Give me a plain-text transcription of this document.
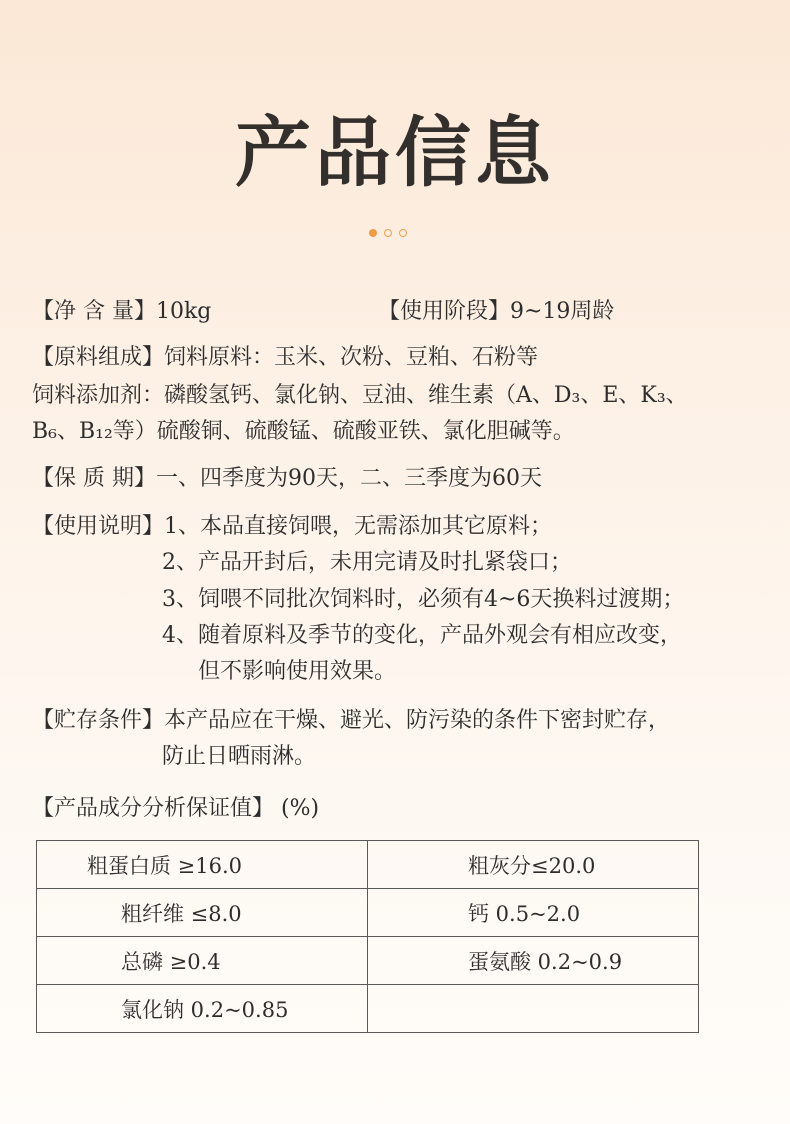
产品信息
【净 含 量】10kg	【使用阶段】9~19周龄
【原料组成】饲料原料：玉米、次粉、豆粕、石粉等
饲料添加剂：磷酸氢钙、氯化钠、豆油、维生素（A、D₃、E、K₃、
B₆、B₁₂等）硫酸铜、硫酸锰、硫酸亚铁、氯化胆碱等。
【保 质 期】一、四季度为90天，二、三季度为60天
【使用说明】1、本品直接饲喂，无需添加其它原料；
2、产品开封后，未用完请及时扎紧袋口；
3、饲喂不同批次饲料时，必须有4~6天换料过渡期；
4、随着原料及季节的变化，产品外观会有相应改变，
但不影响使用效果。
【贮存条件】本产品应在干燥、避光、防污染的条件下密封贮存，
防止日晒雨淋。
【产品成分分析保证值】 (%)
粗蛋白质 ≥16.0	粗灰分≤20.0

粗纤维 ≤8.0	钙 0.5~2.0

总磷 ≥0.4	蛋氨酸 0.2~0.9

氯化钠 0.2~0.85	
